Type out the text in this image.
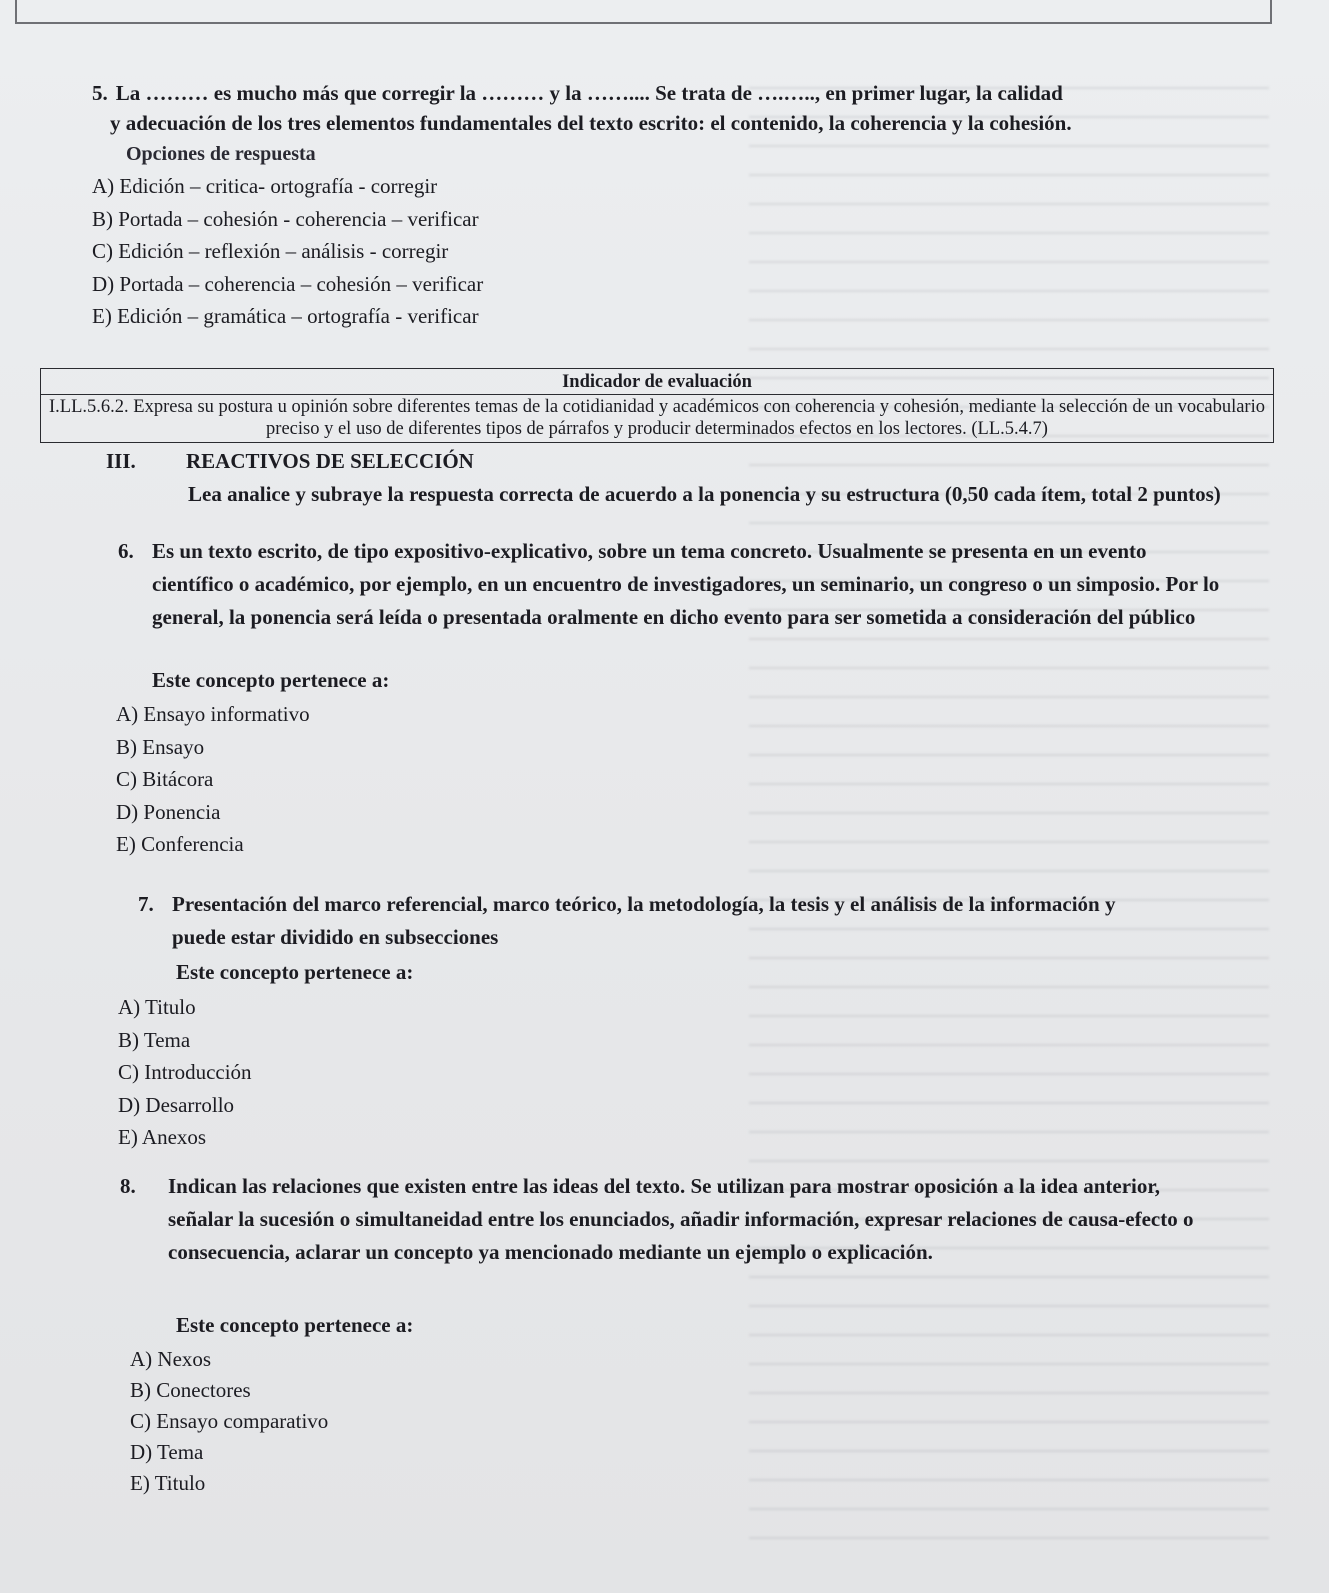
5. La ……… es mucho más que corregir la ……… y la …….... Se trata de ….….., en primer lugar, la calidad
y adecuación de los tres elementos fundamentales del texto escrito: el contenido, la coherencia y la cohesión.
Opciones de respuesta
A) Edición – critica- ortografía - corregir
B) Portada – cohesión - coherencia – verificar
C) Edición – reflexión – análisis - corregir
D) Portada – coherencia – cohesión – verificar
E) Edición – gramática – ortografía - verificar
Indicador de evaluación
I.LL.5.6.2. Expresa su postura u opinión sobre diferentes temas de la cotidianidad y académicos con coherencia y cohesión, mediante la selección de un vocabulario preciso y el uso de diferentes tipos de párrafos y producir determinados efectos en los lectores. (LL.5.4.7)
III. REACTIVOS DE SELECCIÓN
Lea analice y subraye la respuesta correcta de acuerdo a la ponencia y su estructura (0,50 cada ítem, total 2 puntos)
6. Es un texto escrito, de tipo expositivo-explicativo, sobre un tema concreto. Usualmente se presenta en un evento científico o académico, por ejemplo, en un encuentro de investigadores, un seminario, un congreso o un simposio. Por lo general, la ponencia será leída o presentada oralmente en dicho evento para ser sometida a consideración del público
Este concepto pertenece a:
A) Ensayo informativo
B) Ensayo
C) Bitácora
D) Ponencia
E) Conferencia
7. Presentación del marco referencial, marco teórico, la metodología, la tesis y el análisis de la información y puede estar dividido en subsecciones
Este concepto pertenece a:
A) Titulo
B) Tema
C) Introducción
D) Desarrollo
E) Anexos
8.	Indican las relaciones que existen entre las ideas del texto. Se utilizan para mostrar oposición a la idea anterior, señalar la sucesión o simultaneidad entre los enunciados, añadir información, expresar relaciones de causa-efecto o consecuencia, aclarar un concepto ya mencionado mediante un ejemplo o explicación.
Este concepto pertenece a:
A) Nexos
B) Conectores
C) Ensayo comparativo
D) Tema
E) Titulo
